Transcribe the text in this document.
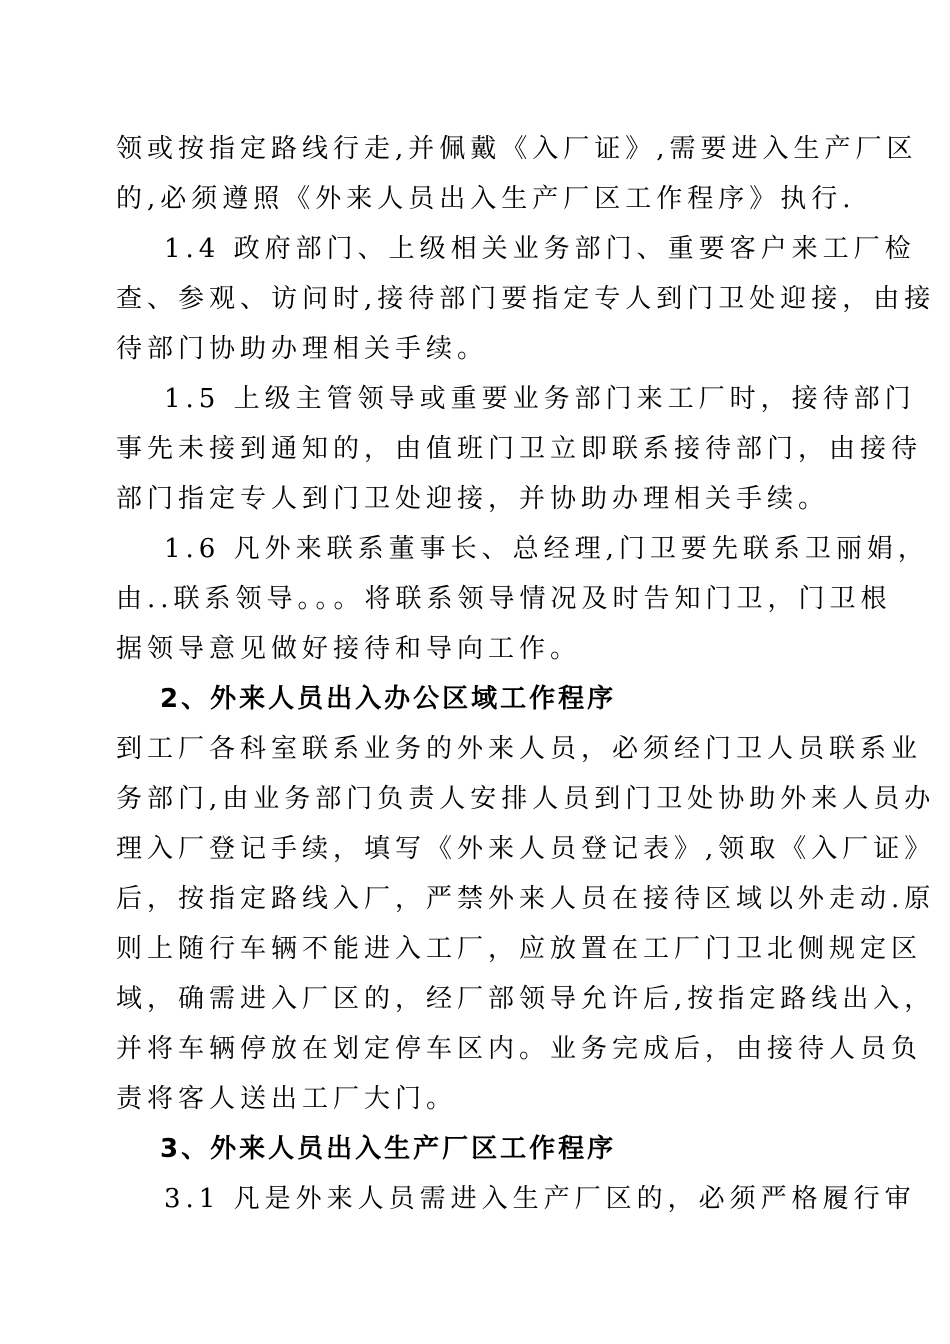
领或按指定路线行走,并佩戴《入厂证》,需要进入生产厂区
的,必须遵照《外来人员出入生产厂区工作程序》执行.
1.4 政府部门、上级相关业务部门、重要客户来工厂检
查、参观、访问时,接待部门要指定专人到门卫处迎接，由接
待部门协助办理相关手续。
1.5 上级主管领导或重要业务部门来工厂时，接待部门
事先未接到通知的，由值班门卫立即联系接待部门，由接待
部门指定专人到门卫处迎接，并协助办理相关手续。
1.6 凡外来联系董事长、总经理,门卫要先联系卫丽娟，
由..联系领导。。。将联系领导情况及时告知门卫，门卫根
据领导意见做好接待和导向工作。
2、外来人员出入办公区域工作程序
到工厂各科室联系业务的外来人员，必须经门卫人员联系业
务部门,由业务部门负责人安排人员到门卫处协助外来人员办
理入厂登记手续，填写《外来人员登记表》,领取《入厂证》
后，按指定路线入厂，严禁外来人员在接待区域以外走动.原
则上随行车辆不能进入工厂，应放置在工厂门卫北侧规定区
域，确需进入厂区的，经厂部领导允许后,按指定路线出入，
并将车辆停放在划定停车区内。业务完成后，由接待人员负
责将客人送出工厂大门。
3、外来人员出入生产厂区工作程序
3.1 凡是外来人员需进入生产厂区的，必须严格履行审
